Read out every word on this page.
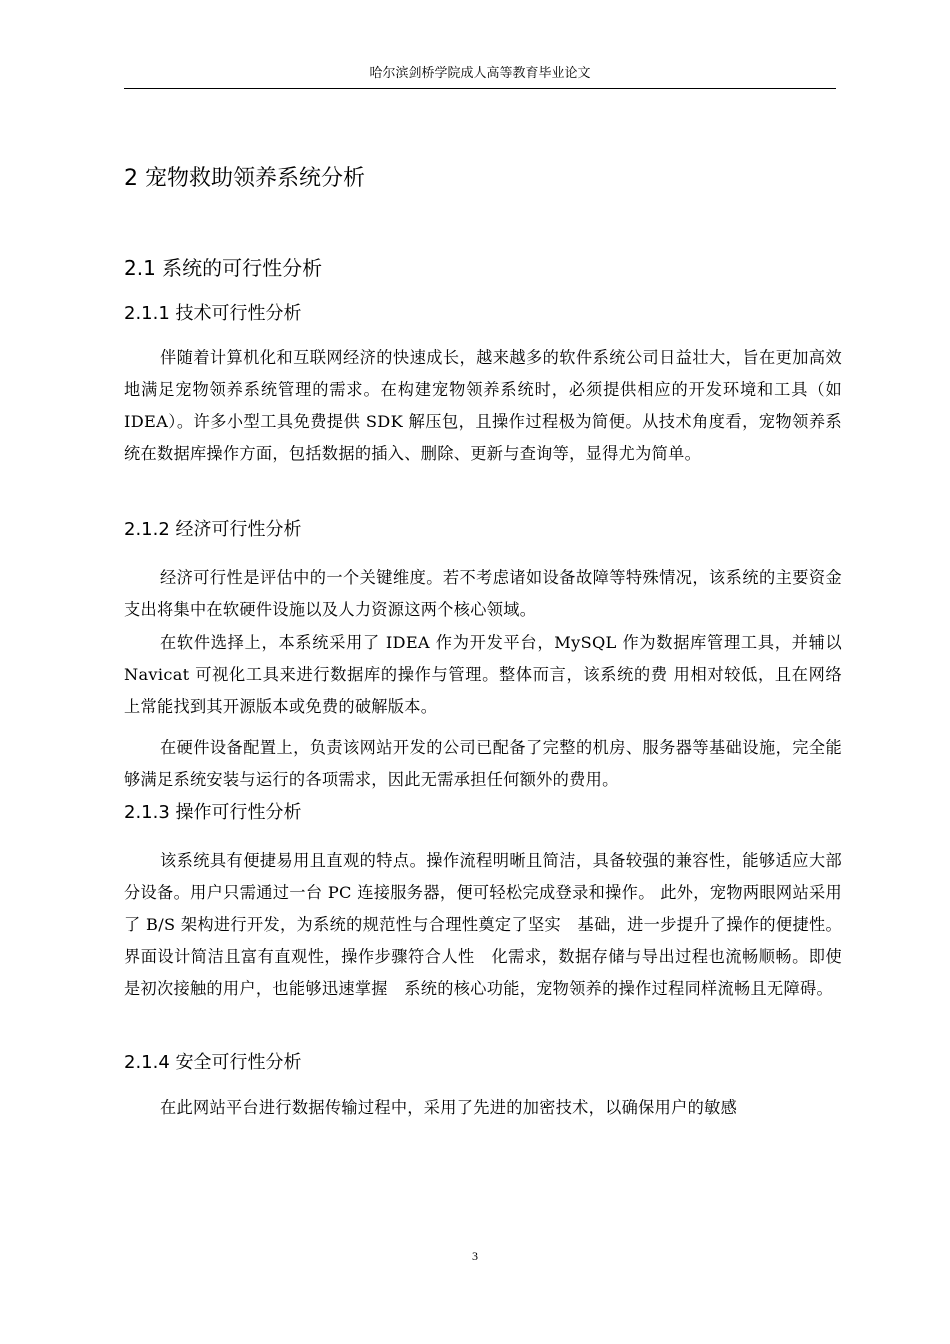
哈尔滨剑桥学院成人高等教育毕业论文
2 宠物救助领养系统分析
2.1 系统的可行性分析
2.1.1 技术可行性分析
伴随着计算机化和互联网经济的快速成长，越来越多的软件系统公司日益壮大，旨在更加高效地满足宠物领养系统管理的需求。在构建宠物领养系统时，必须提供相应的开发环境和工具（如 IDEA）。许多小型工具免费提供 SDK 解压包，且操作过程极为简便。从技术角度看，宠物领养系统在数据库操作方面，包括数据的插入、删除、更新与查询等，显得尤为简单。
2.1.2 经济可行性分析
经济可行性是评估中的一个关键维度。若不考虑诸如设备故障等特殊情况，该系统的主要资金支出将集中在软硬件设施以及人力资源这两个核心领域。
在软件选择上，本系统采用了 IDEA 作为开发平台，MySQL 作为数据库管理工具，并辅以 Navicat 可视化工具来进行数据库的操作与管理。整体而言，该系统的费 用相对较低，且在网络上常能找到其开源版本或免费的破解版本。
在硬件设备配置上，负责该网站开发的公司已配备了完整的机房、服务器等基础设施，完全能够满足系统安装与运行的各项需求，因此无需承担任何额外的费用。
2.1.3 操作可行性分析
该系统具有便捷易用且直观的特点。操作流程明晰且简洁，具备较强的兼容性，能够适应大部分设备。用户只需通过一台 PC 连接服务器，便可轻松完成登录和操作。 此外，宠物两眼网站采用了 B/S 架构进行开发，为系统的规范性与合理性奠定了坚实　基础，进一步提升了操作的便捷性。界面设计简洁且富有直观性，操作步骤符合人性　化需求，数据存储与导出过程也流畅顺畅。即使是初次接触的用户，也能够迅速掌握　系统的核心功能，宠物领养的操作过程同样流畅且无障碍。
2.1.4 安全可行性分析
在此网站平台进行数据传输过程中，采用了先进的加密技术，以确保用户的敏感
3
